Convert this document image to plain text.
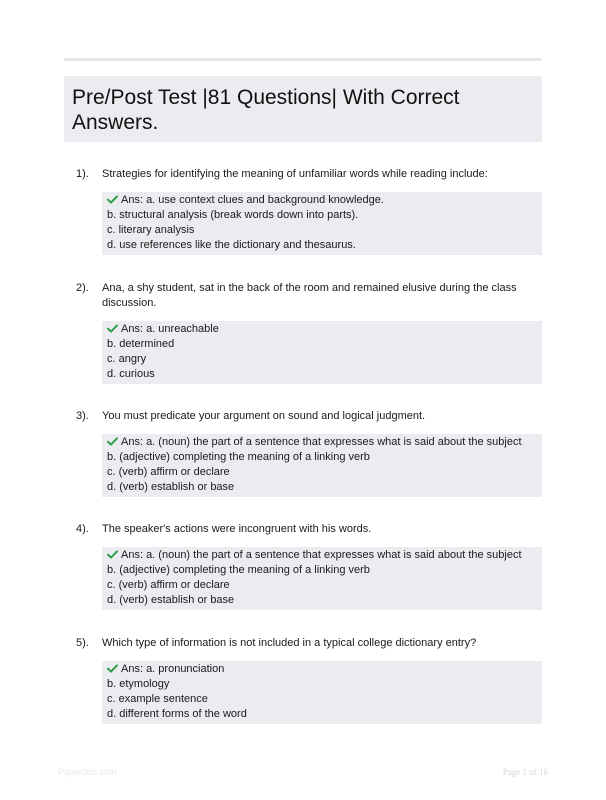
Pre/Post Test |81 Questions| With Correct Answers.
1). Strategies for identifying the meaning of unfamiliar words while reading include:
Ans: a. use context clues and background knowledge.
b. structural analysis (break words down into parts).
c. literary analysis
d. use references like the dictionary and thesaurus.
2). Ana, a shy student, sat in the back of the room and remained elusive during the class discussion.
Ans: a. unreachable
b. determined
c. angry
d. curious
3). You must predicate your argument on sound and logical judgment.
Ans: a. (noun) the part of a sentence that expresses what is said about the subject
b. (adjective) completing the meaning of a linking verb
c. (verb) affirm or declare
d. (verb) establish or base
4). The speaker's actions were incongruent with his words.
Ans: a. (noun) the part of a sentence that expresses what is said about the subject
b. (adjective) completing the meaning of a linking verb
c. (verb) affirm or declare
d. (verb) establish or base
5). Which type of information is not included in a typical college dictionary entry?
Ans: a. pronunciation
b. etymology
c. example sentence
d. different forms of the word
Paper9bb.com	Page 1 of 16
